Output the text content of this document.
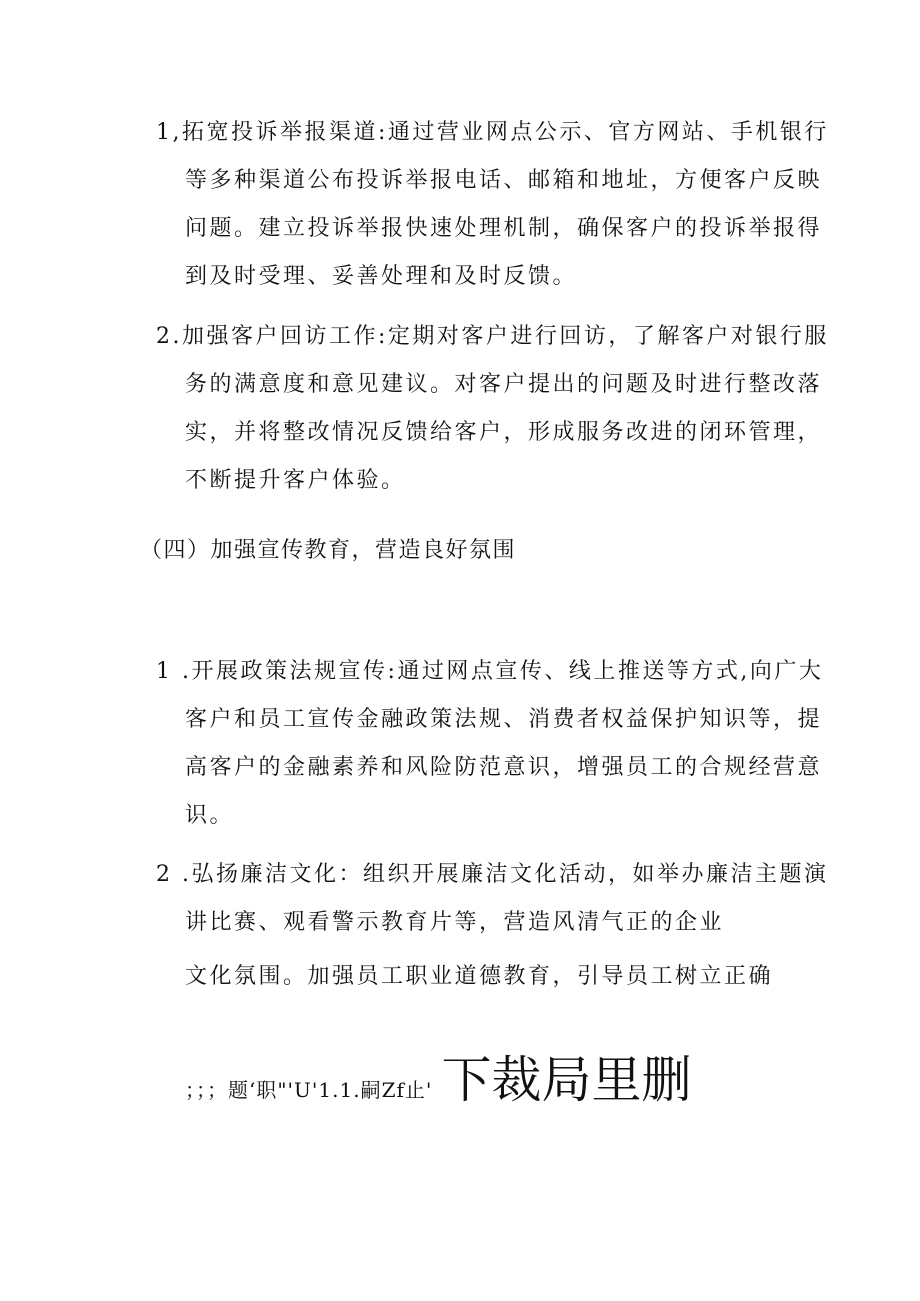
1,拓宽投诉举报渠道:通过营业网点公示、官方网站、手机银行
等多种渠道公布投诉举报电话、邮箱和地址，方便客户反映
问题。建立投诉举报快速处理机制，确保客户的投诉举报得
到及时受理、妥善处理和及时反馈。
2.加强客户回访工作:定期对客户进行回访，了解客户对银行服
务的满意度和意见建议。对客户提出的问题及时进行整改落
实，并将整改情况反馈给客户，形成服务改进的闭环管理，
不断提升客户体验。
（四）加强宣传教育，营造良好氛围
1 .开展政策法规宣传:通过网点宣传、线上推送等方式,向广大
客户和员工宣传金融政策法规、消费者权益保护知识等，提
高客户的金融素养和风险防范意识，增强员工的合规经营意
识。
2 .弘扬廉洁文化：组织开展廉洁文化活动，如举办廉洁主题演
讲比赛、观看警示教育片等，营造风清气正的企业
文化氛围。加强员工职业道德教育，引导员工树立正确
；；；题‘职"'U'1.1.嗣Zf止' 下裁局里删
